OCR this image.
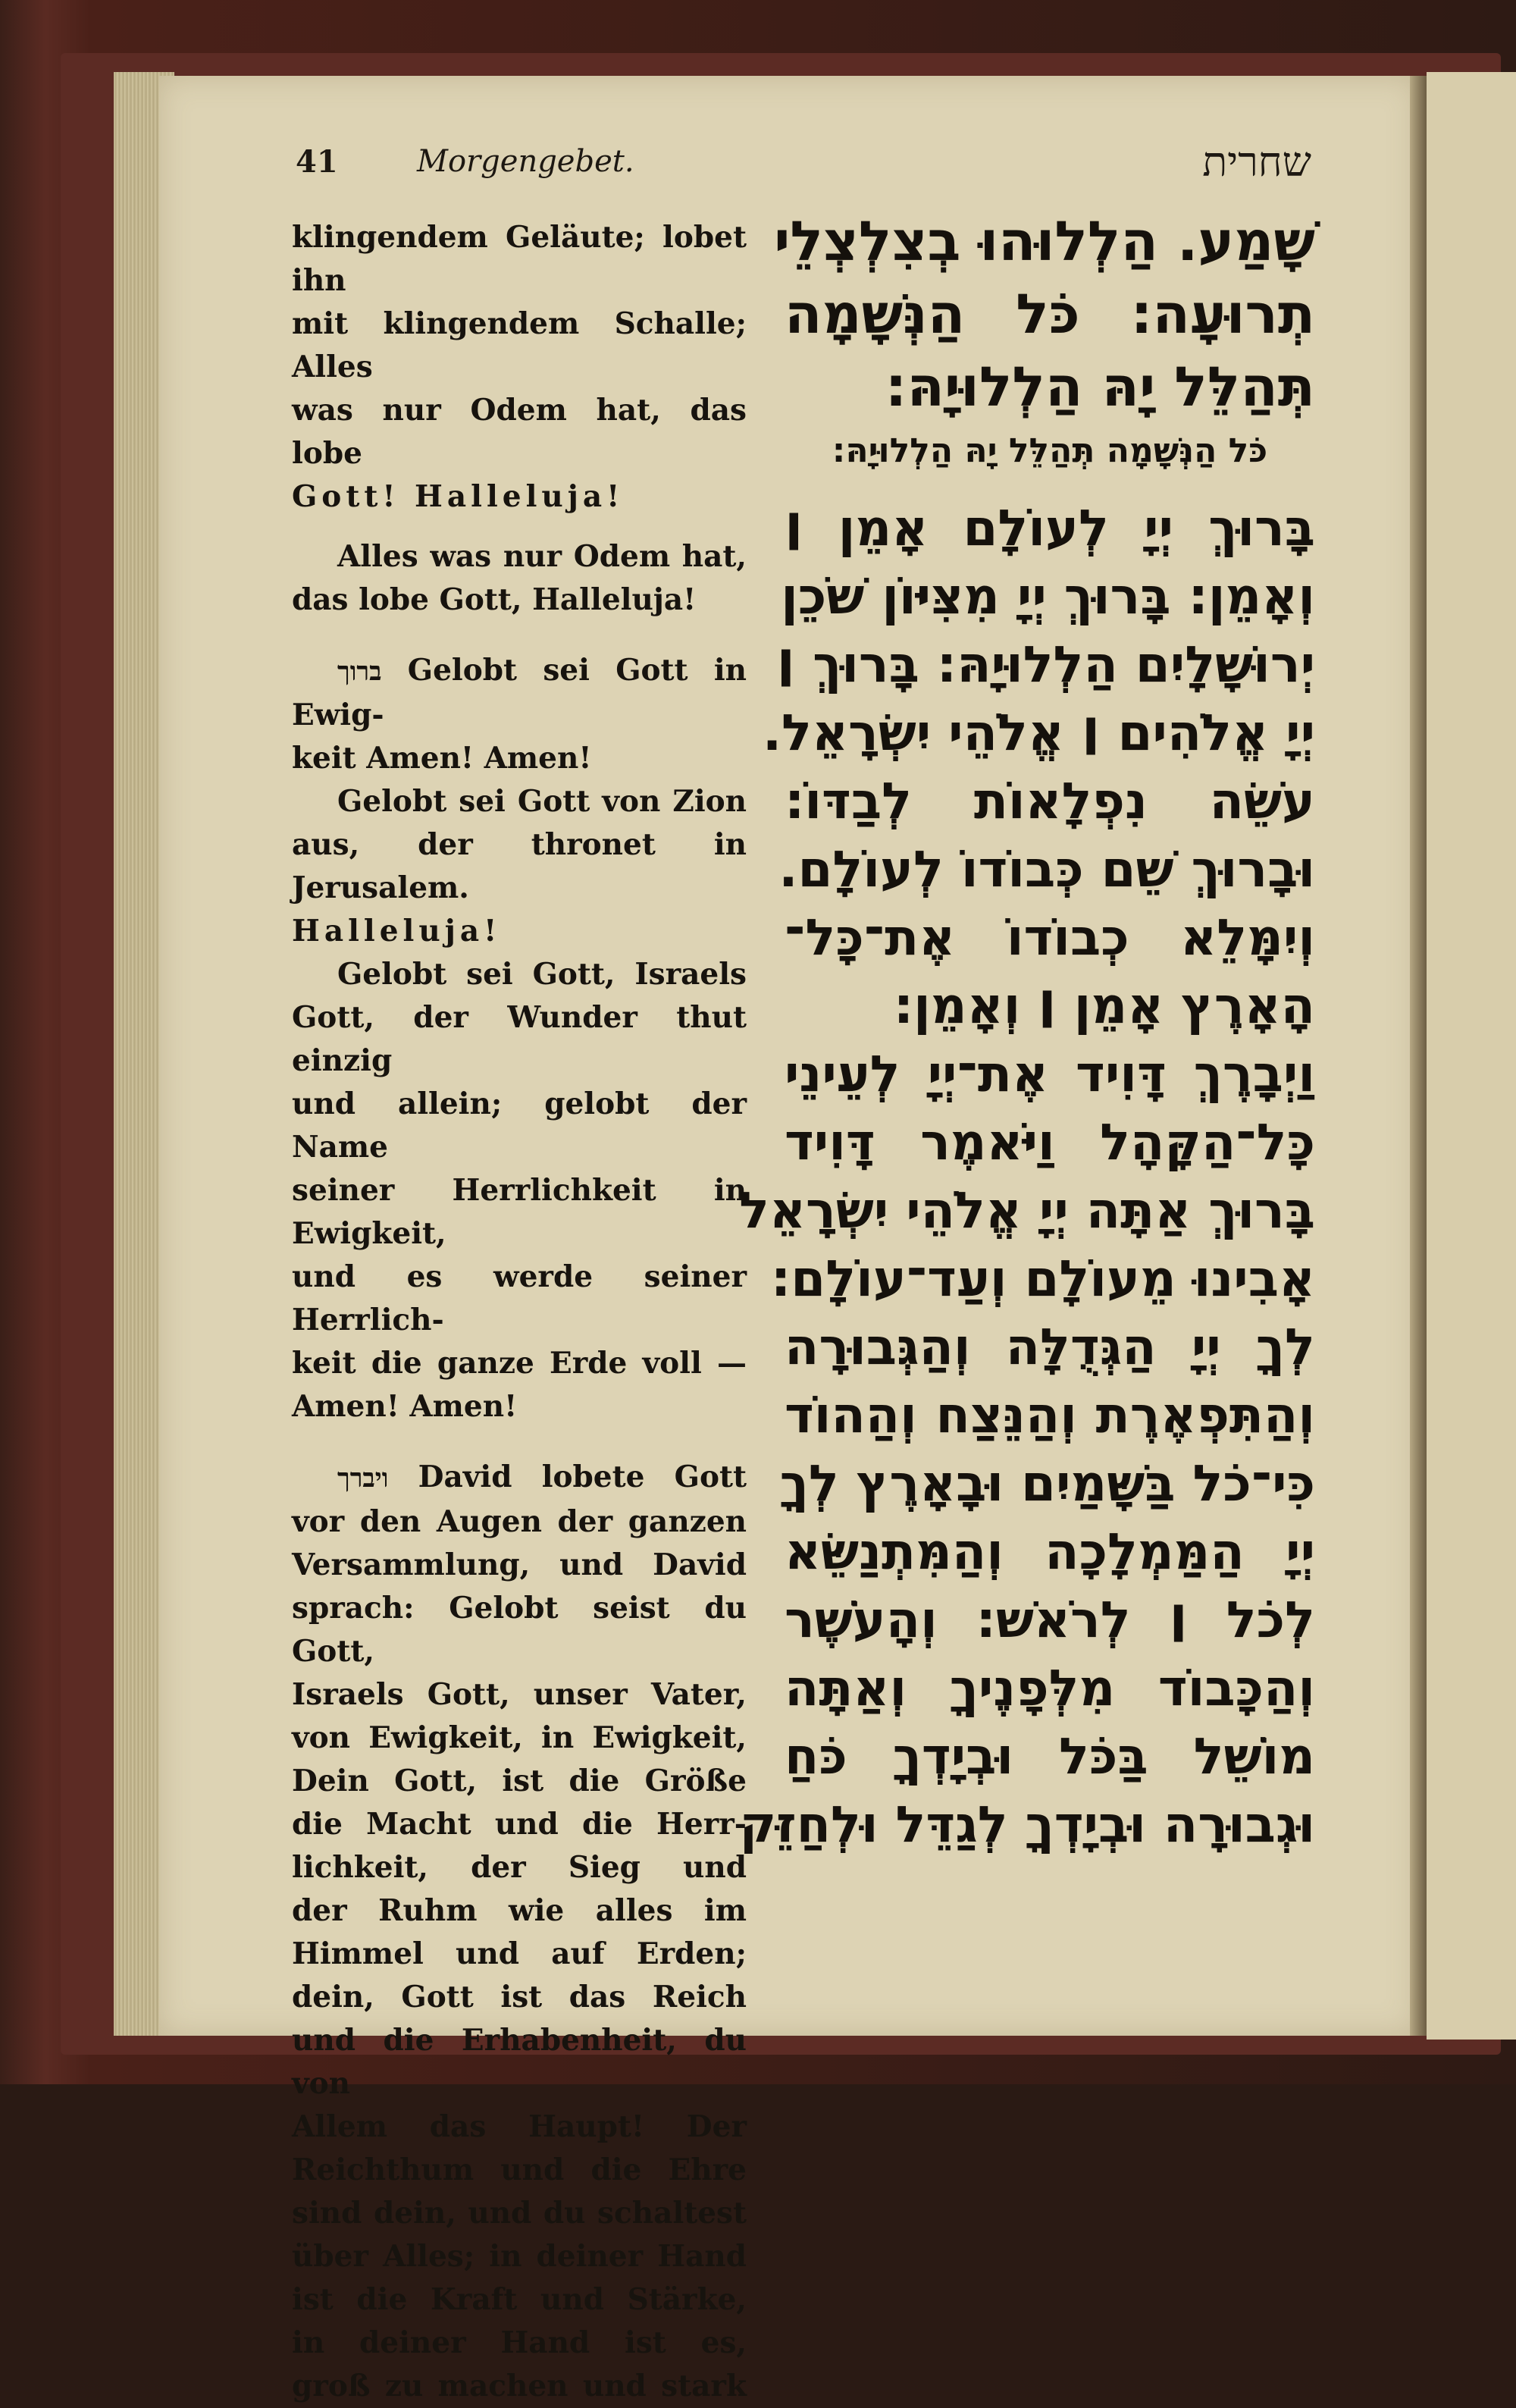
41	Morgengebet.	שחרית

klingendem Geläute; lobet ihn

mit klingendem Schalle; Alles

was nur Odem hat, das lobe

Gott! Halleluja!

Alles was nur Odem hat,

das lobe Gott, Halleluja!

ברוך Gelobt sei Gott in Ewig-

keit Amen! Amen!

Gelobt sei Gott von Zion

aus, der thronet in Jerusalem.

Halleluja!

Gelobt sei Gott, Israels

Gott, der Wunder thut einzig

und allein; gelobt der Name

seiner Herrlichkeit in Ewigkeit,

und es werde seiner Herrlich-

keit die ganze Erde voll —

Amen! Amen!

ויברך David lobete Gott

vor den Augen der ganzen

Versammlung, und David

sprach: Gelobt seist du Gott,

Israels Gott, unser Vater,

von Ewigkeit, in Ewigkeit,

Dein Gott, ist die Größe

die Macht und die Herr-

lichkeit, der Sieg und

der Ruhm wie alles im

Himmel und auf Erden;

dein, Gott ist das Reich

und die Erhabenheit, du von

Allem das Haupt! Der

Reichthum und die Ehre

sind dein, und du schaltest

über Alles; in deiner Hand

ist die Kraft und Stärke,

in deiner Hand ist es,

groß zu machen und stark

שָׁמַע. הַלְלוּהוּ בְצִלְצְלֵי
תְרוּעָה: כֹּל הַנְּשָׁמָה
תְּהַלֵּל יָהּ הַלְלוּיָהּ:
כֹּל הַנְּשָׁמָה תְּהַלֵּל יָהּ הַלְלוּיָהּ:
בָּרוּךְ יְיָ לְעוֹלָם אָמֵן ׀
וְאָמֵן: בָּרוּךְ יְיָ מִצִּיּוֹן שֹׁכֵן
יְרוּשָׁלָיִם הַלְלוּיָהּ: בָּרוּךְ ׀
יְיָ אֱלֹהִים ׀ אֱלֹהֵי יִשְׂרָאֵל.
עֹשֵׂה נִפְלָאוֹת לְבַדּוֹ:
וּבָרוּךְ שֵׁם כְּבוֹדוֹ לְעוֹלָם.
וְיִמָּלֵא כְבוֹדוֹ אֶת־כָּל־
הָאָרֶץ אָמֵן ׀ וְאָמֵן:
וַיְבָרֶךְ דָּוִיד אֶת־יְיָ לְעֵינֵי
כָּל־הַקָּהָל וַיֹּאמֶר דָּוִיד
בָּרוּךְ אַתָּה יְיָ אֱלֹהֵי יִשְׂרָאֵל
אָבִינוּ מֵעוֹלָם וְעַד־עוֹלָם:
לְךָ יְיָ הַגְּדֻלָּה וְהַגְּבוּרָה
וְהַתִּפְאֶרֶת וְהַנֵּצַח וְהַהוֹד
כִּי־כֹל בַּשָּׁמַיִם וּבָאָרֶץ לְךָ
יְיָ הַמַּמְלָכָה וְהַמִּתְנַשֵּׂא
לְכֹל ׀ לְרֹאשׁ: וְהָעֹשֶׁר
וְהַכָּבוֹד מִלְּפָנֶיךָ וְאַתָּה
מוֹשֵׁל בַּכֹּל וּבְיָדְךָ כֹּחַ
וּגְבוּרָה וּבְיָדְךָ לְגַדֵּל וּלְחַזֵּק
